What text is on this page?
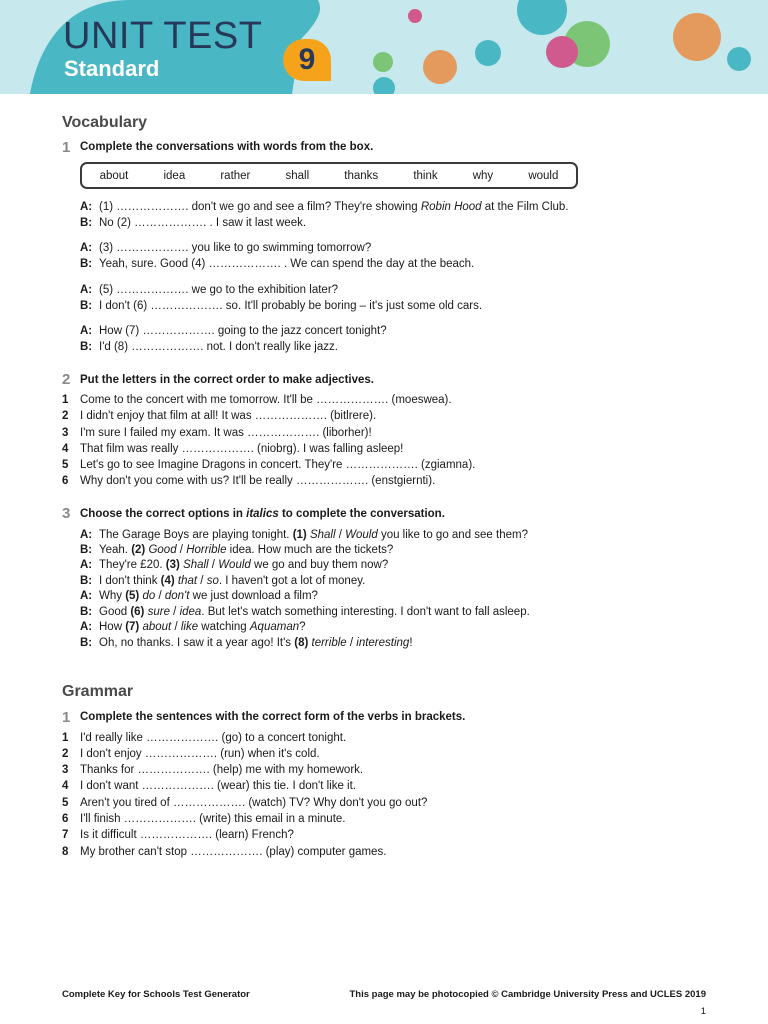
UNIT TEST
Standard	9
Vocabulary
1 Complete the conversations with words from the box.
about	idea	rather	shall	thanks	think	why	would
A: (1) ………………. don't we go and see a film? They're showing Robin Hood at the Film Club.
B: No (2) ………………. . I saw it last week.
A: (3) ………………. you like to go swimming tomorrow?
B: Yeah, sure. Good (4) ………………. . We can spend the day at the beach.
A: (5) ………………. we go to the exhibition later?
B: I don't (6) ………………. so. It'll probably be boring – it's just some old cars.
A: How (7) ………………. going to the jazz concert tonight?
B: I'd (8) ………………. not. I don't really like jazz.
2 Put the letters in the correct order to make adjectives.
1 Come to the concert with me tomorrow. It'll be ………………. (moeswea).
2 I didn't enjoy that film at all! It was ………………. (bitlrere).
3 I'm sure I failed my exam. It was ………………. (liborher)!
4 That film was really ………………. (niobrg). I was falling asleep!
5 Let's go to see Imagine Dragons in concert. They're ………………. (zgiamna).
6 Why don't you come with us? It'll be really ………………. (enstgiernti).
3 Choose the correct options in italics to complete the conversation.
A: The Garage Boys are playing tonight. (1) Shall / Would you like to go and see them?
B: Yeah. (2) Good / Horrible idea. How much are the tickets?
A: They're £20. (3) Shall / Would we go and buy them now?
B: I don't think (4) that / so. I haven't got a lot of money.
A: Why (5) do / don't we just download a film?
B: Good (6) sure / idea. But let's watch something interesting. I don't want to fall asleep.
A: How (7) about / like watching Aquaman?
B: Oh, no thanks. I saw it a year ago! It's (8) terrible / interesting!
Grammar
1 Complete the sentences with the correct form of the verbs in brackets.
1 I'd really like ………………. (go) to a concert tonight.
2 I don't enjoy ………………. (run) when it's cold.
3 Thanks for ………………. (help) me with my homework.
4 I don't want ………………. (wear) this tie. I don't like it.
5 Aren't you tired of ………………. (watch) TV? Why don't you go out?
6 I'll finish ………………. (write) this email in a minute.
7 Is it difficult ………………. (learn) French?
8 My brother can't stop ………………. (play) computer games.
Complete Key for Schools Test Generator	This page may be photocopied © Cambridge University Press and UCLES 2019
1
